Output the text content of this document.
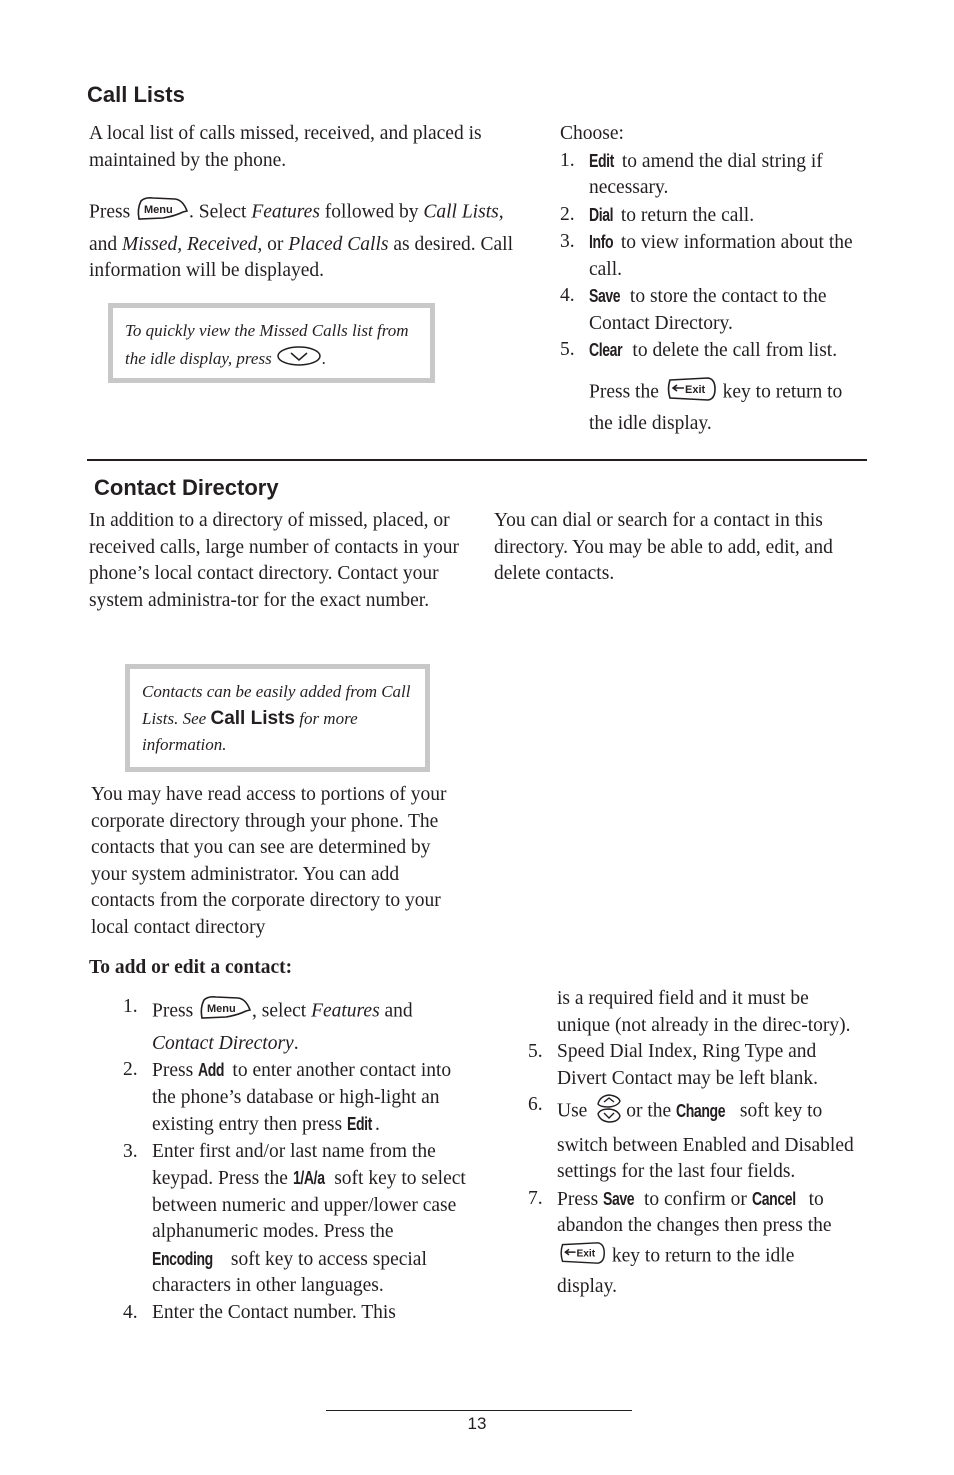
Call Lists

A local list of calls missed, received, and placed is maintained by the phone.

Press Menu . Select Features followed by Call Lists, and Missed, Received, or Placed Calls as desired. Call information will be displayed.

To quickly view the Missed Calls list from the idle display, press	.
Choose:
1. Edit to amend the dial string if necessary.
2. Dial to return the call.
3. Info to view information about the call.
4. Save to store the contact to the Contact Directory.
5. Clear to delete the call from list.
Press the Exit key to return to the idle display.
Contact Directory
In addition to a directory of missed, placed, or received calls, large number of contacts in your phone’s local contact directory. Contact your system administra-tor for the exact number.
You can dial or search for a contact in this directory. You may be able to add, edit, and delete contacts.
Contacts can be easily added from Call Lists. See Call Lists for more information.
You may have read access to portions of your corporate directory through your phone. The contacts that you can see are determined by your system administrator. You can add contacts from the corporate directory to your local contact directory
To add or edit a contact:
1. Press Menu , select Features and Contact Directory.
2. Press Add to enter another contact into the phone’s database or high-light an existing entry then press Edit .
3. Enter first and/or last name from the keypad. Press the 1/A/a soft key to select between numeric and upper/lower case alphanumeric modes. Press the Encoding soft key to access special characters in other languages.
4. Enter the Contact number. This
is a required field and it must be unique (not already in the direc-tory).
5. Speed Dial Index, Ring Type and Divert Contact may be left blank.
6. Use or the Change soft key to switch between Enabled and Disabled settings for the last four fields.
7. Press Save to confirm or Cancel to abandon the changes then press the
Exit key to return to the idle display.
13
